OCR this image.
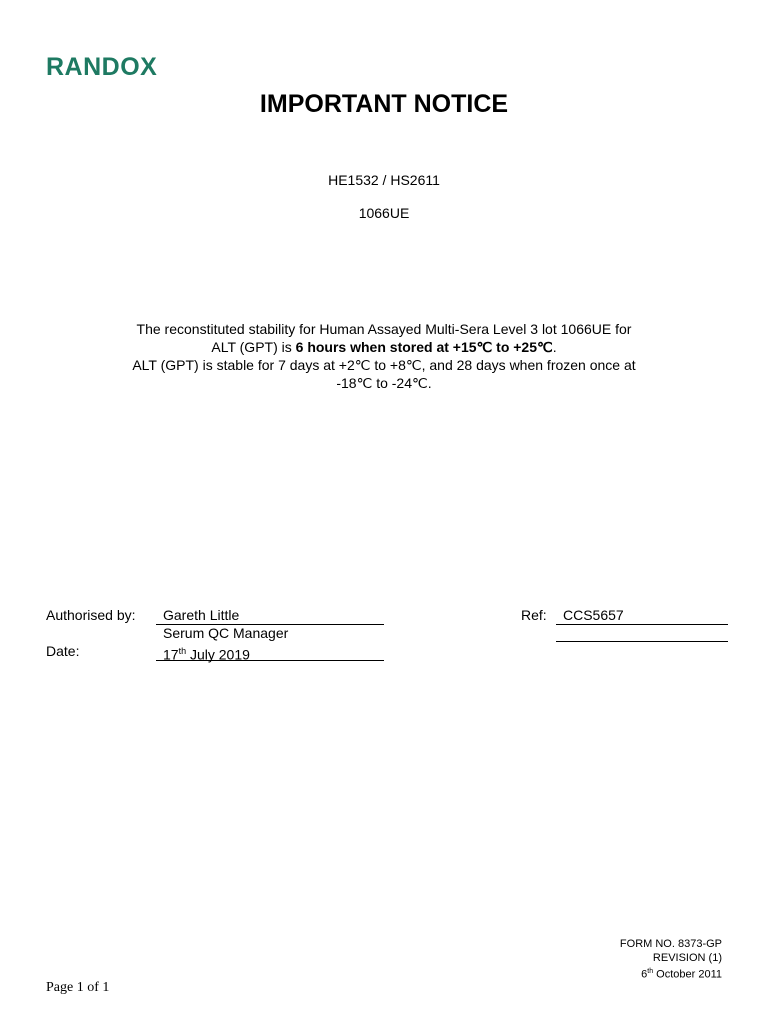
RANDOX
IMPORTANT NOTICE
HE1532 / HS2611
1066UE
The reconstituted stability for Human Assayed Multi-Sera Level 3 lot 1066UE for
ALT (GPT) is 6 hours when stored at +15℃ to +25℃.
ALT (GPT) is stable for 7 days at +2℃ to +8℃, and 28 days when frozen once at
-18℃ to -24℃.
Authorised by:	Gareth Little
Serum QC Manager
Date:	17th July 2019
Ref:	CCS5657
FORM NO. 8373-GP
REVISION (1)
6th October 2011
Page 1 of 1
